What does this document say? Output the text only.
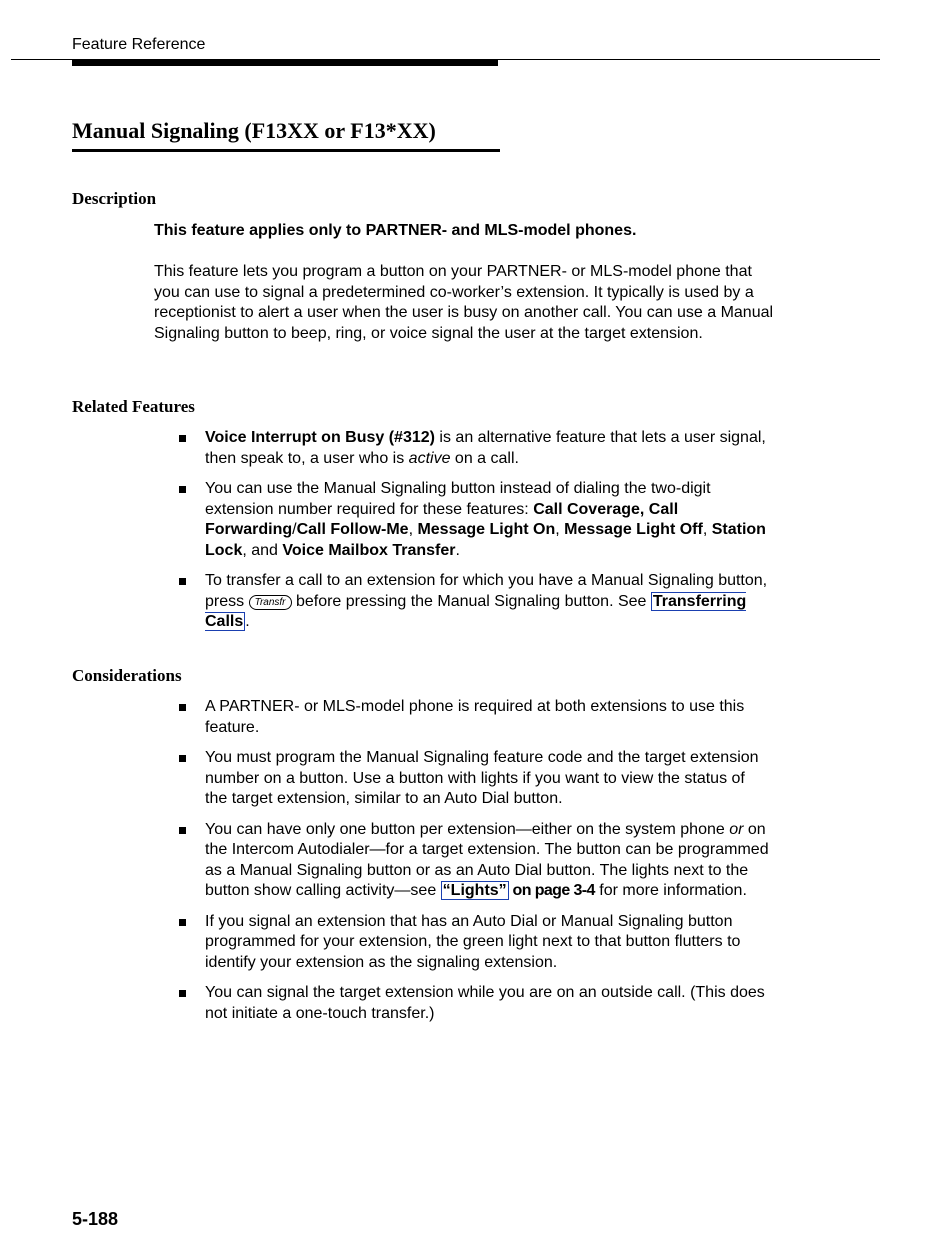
Feature Reference
Manual Signaling (F13XX or F13*XX)
Description

This feature applies only to PARTNER- and MLS-model phones.

This feature lets you program a button on your PARTNER- or MLS-model phone that you can use to signal a predetermined co-worker’s extension. It typically is used by a receptionist to alert a user when the user is busy on another call. You can use a Manual Signaling button to beep, ring, or voice signal the user at the target extension.

Related Features
Voice Interrupt on Busy (#312) is an alternative feature that lets a user signal, then speak to, a user who is active on a call.
You can use the Manual Signaling button instead of dialing the two-digit extension number required for these features: Call Coverage, Call Forwarding/Call Follow-Me, Message Light On, Message Light Off, Station Lock, and Voice Mailbox Transfer.
To transfer a call to an extension for which you have a Manual Signaling button, press Transfr before pressing the Manual Signaling button. See Transferring Calls .
Considerations
A PARTNER- or MLS-model phone is required at both extensions to use this feature.
You must program the Manual Signaling feature code and the target extension number on a button. Use a button with lights if you want to view the status of the target extension, similar to an Auto Dial button.
You can have only one button per extension—either on the system phone or on the Intercom Autodialer—for a target extension. The button can be programmed as a Manual Signaling button or as an Auto Dial button. The lights next to the button show calling activity—see “Lights” on page 3-4 for more information.
If you signal an extension that has an Auto Dial or Manual Signaling button programmed for your extension, the green light next to that button flutters to identify your extension as the signaling extension.
You can signal the target extension while you are on an outside call. (This does not initiate a one-touch transfer.)
5-188
